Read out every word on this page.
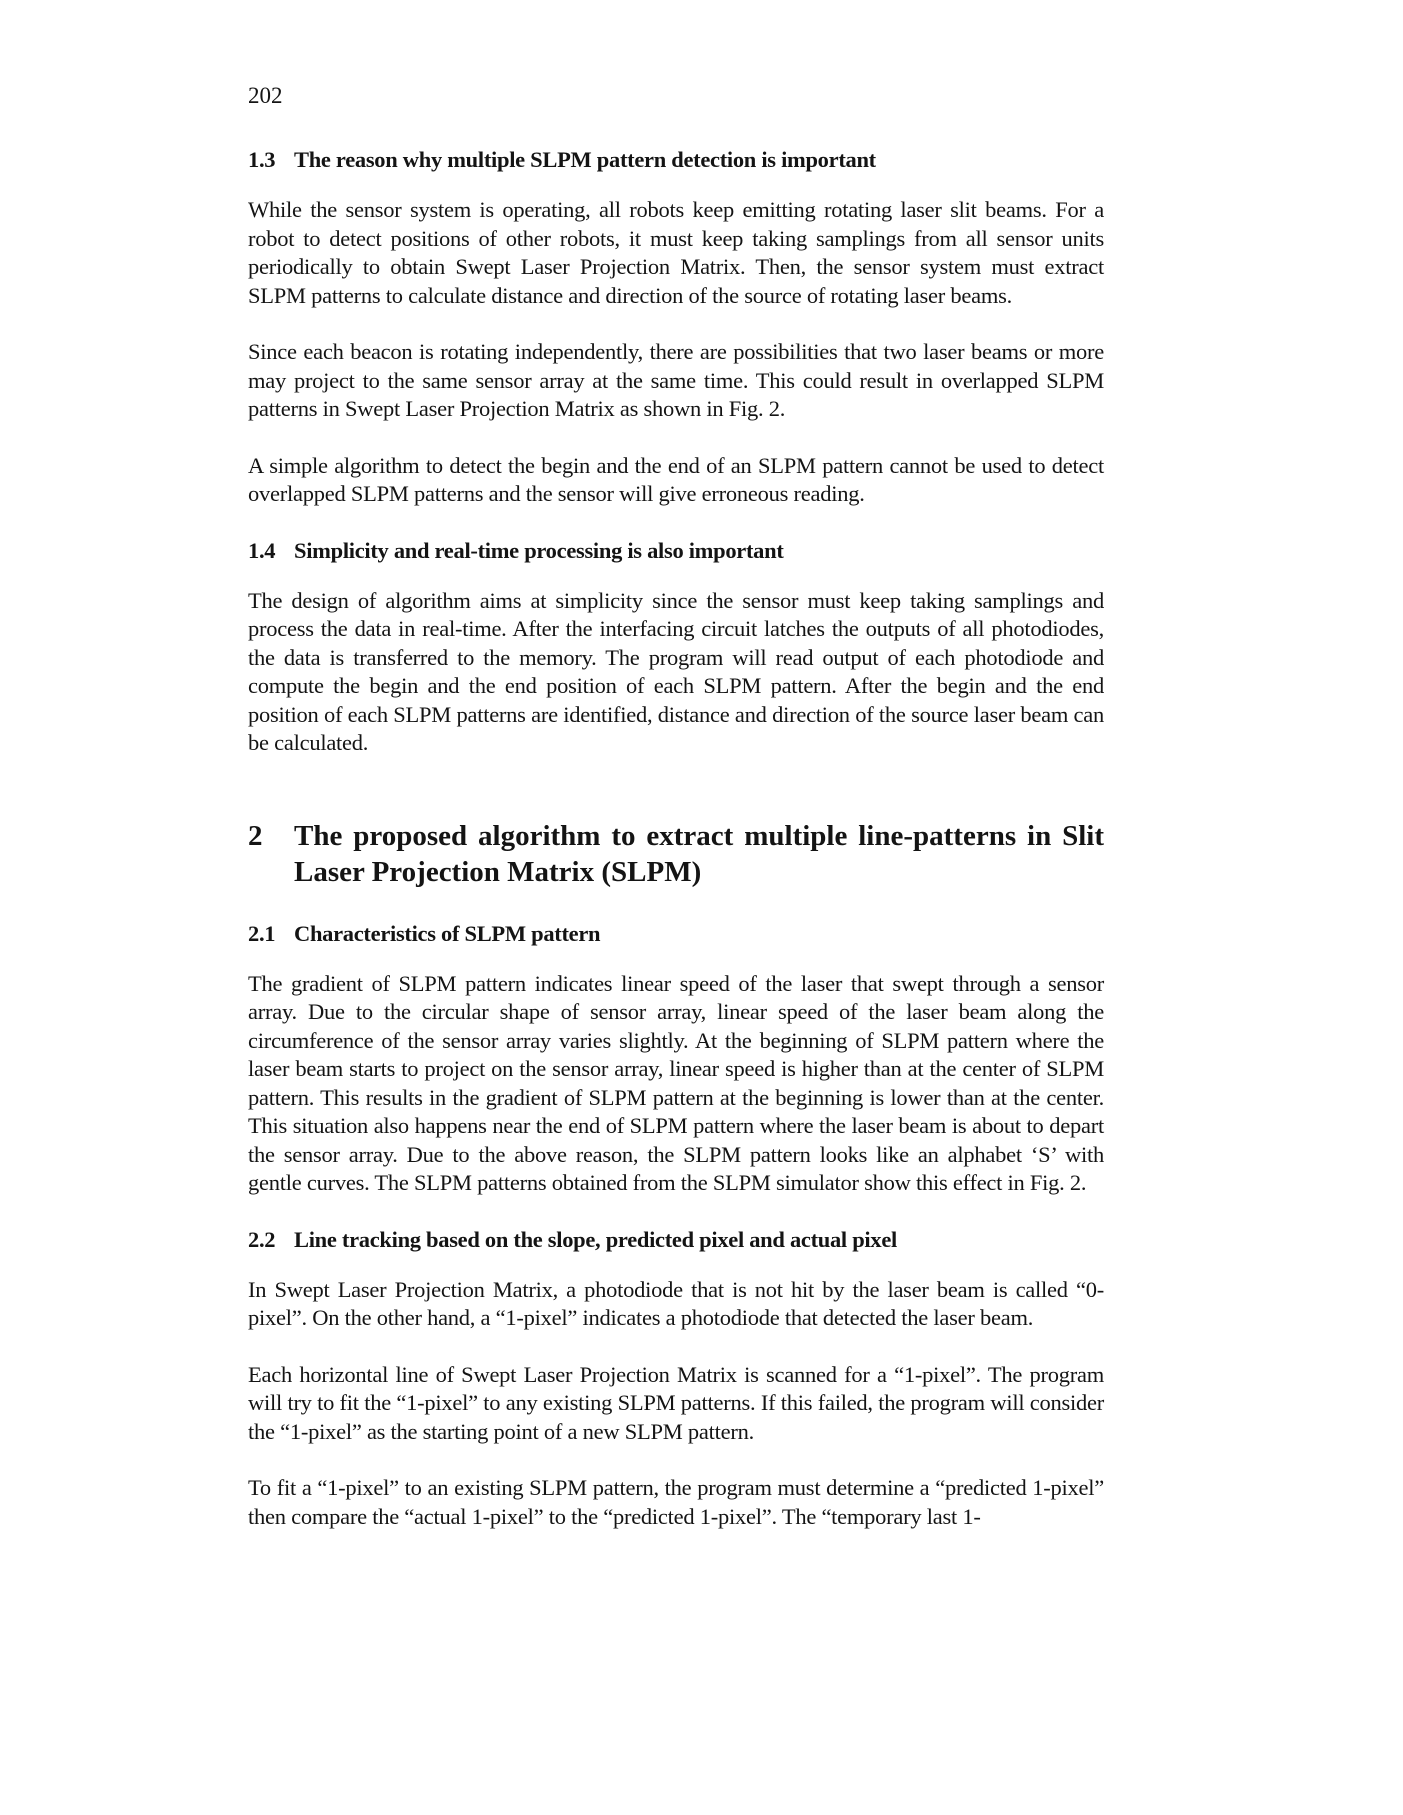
202
1.3 The reason why multiple SLPM pattern detection is important

While the sensor system is operating, all robots keep emitting rotating laser slit beams. For a robot to detect positions of other robots, it must keep taking samplings from all sensor units periodically to obtain Swept Laser Projection Matrix. Then, the sensor system must extract SLPM patterns to calculate distance and direction of the source of rotating laser beams.

Since each beacon is rotating independently, there are possibilities that two laser beams or more may project to the same sensor array at the same time. This could result in overlapped SLPM patterns in Swept Laser Projection Matrix as shown in Fig. 2.

A simple algorithm to detect the begin and the end of an SLPM pattern cannot be used to detect overlapped SLPM patterns and the sensor will give erroneous reading.

1.4 Simplicity and real-time processing is also important

The design of algorithm aims at simplicity since the sensor must keep taking samplings and process the data in real-time. After the interfacing circuit latches the outputs of all photodiodes, the data is transferred to the memory. The program will read output of each photodiode and compute the begin and the end position of each SLPM pattern. After the begin and the end position of each SLPM patterns are identified, distance and direction of the source laser beam can be calculated.

2	The proposed algorithm to extract multiple line-patterns in Slit Laser Projection Matrix (SLPM)
2.1 Characteristics of SLPM pattern

The gradient of SLPM pattern indicates linear speed of the laser that swept through a sensor array. Due to the circular shape of sensor array, linear speed of the laser beam along the circumference of the sensor array varies slightly. At the beginning of SLPM pattern where the laser beam starts to project on the sensor array, linear speed is higher than at the center of SLPM pattern. This results in the gradient of SLPM pattern at the beginning is lower than at the center. This situation also happens near the end of SLPM pattern where the laser beam is about to depart the sensor array. Due to the above reason, the SLPM pattern looks like an alphabet ‘S’ with gentle curves. The SLPM patterns obtained from the SLPM simulator show this effect in Fig. 2.

2.2 Line tracking based on the slope, predicted pixel and actual pixel

In Swept Laser Projection Matrix, a photodiode that is not hit by the laser beam is called “0-pixel”. On the other hand, a “1-pixel” indicates a photodiode that detected the laser beam.

Each horizontal line of Swept Laser Projection Matrix is scanned for a “1-pixel”. The program will try to fit the “1-pixel” to any existing SLPM patterns. If this failed, the program will consider the “1-pixel” as the starting point of a new SLPM pattern.

To fit a “1-pixel” to an existing SLPM pattern, the program must determine a “predicted 1-pixel” then compare the “actual 1-pixel” to the “predicted 1-pixel”. The “temporary last 1-
